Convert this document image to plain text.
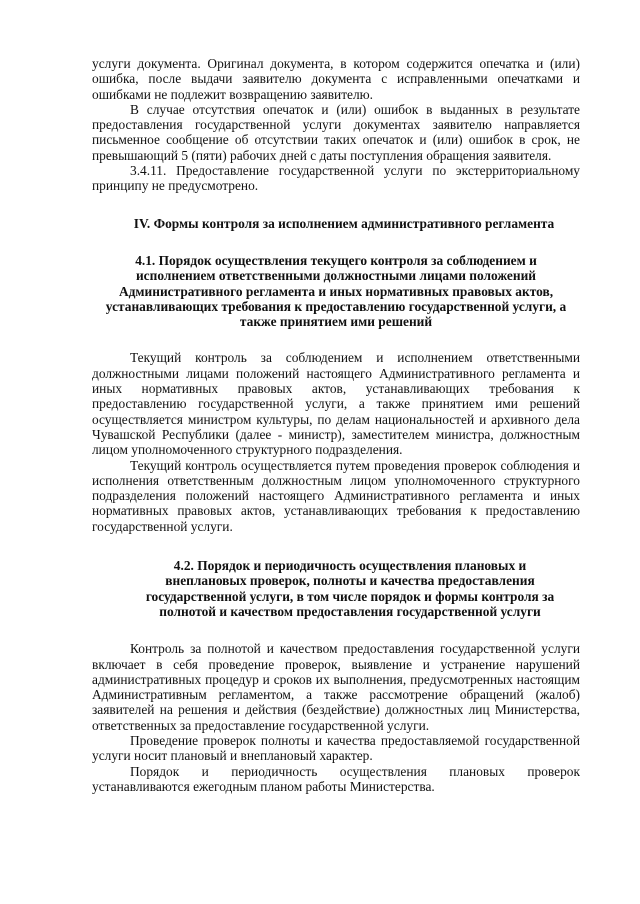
услуги документа. Оригинал документа, в котором содержится опечатка и (или) ошибка, после выдачи заявителю документа с исправленными опечатками и ошибками не подлежит возвращению заявителю.

В случае отсутствия опечаток и (или) ошибок в выданных в результате предоставления государственной услуги документах заявителю направляется письменное сообщение об отсутствии таких опечаток и (или) ошибок в срок, не превышающий 5 (пяти) рабочих дней с даты поступления обращения заявителя.

3.4.11. Предоставление государственной услуги по экстерриториальному принципу не предусмотрено.

IV. Формы контроля за исполнением административного регламента

4.1. Порядок осуществления текущего контроля за соблюдением и
исполнением ответственными должностными лицами положений
Административного регламента и иных нормативных правовых актов,
устанавливающих требования к предоставлению государственной услуги, а
также принятием ими решений

Текущий контроль за соблюдением и исполнением ответственными должностными лицами положений настоящего Административного регламента и иных нормативных правовых актов, устанавливающих требования к предоставлению государственной услуги, а также принятием ими решений осуществляется министром культуры, по делам национальностей и архивного дела Чувашской Республики (далее - министр), заместителем министра, должностным лицом уполномоченного структурного подразделения.

Текущий контроль осуществляется путем проведения проверок соблюдения и исполнения ответственным должностным лицом уполномоченного структурного подразделения положений настоящего Административного регламента и иных нормативных правовых актов, устанавливающих требования к предоставлению государственной услуги.

4.2. Порядок и периодичность осуществления плановых и
внеплановых проверок, полноты и качества предоставления
государственной услуги, в том числе порядок и формы контроля за
полнотой и качеством предоставления государственной услуги

Контроль за полнотой и качеством предоставления государственной услуги включает в себя проведение проверок, выявление и устранение нарушений административных процедур и сроков их выполнения, предусмотренных настоящим Административным регламентом, а также рассмотрение обращений (жалоб) заявителей на решения и действия (бездействие) должностных лиц Министерства, ответственных за предоставление государственной услуги.

Проведение проверок полноты и качества предоставляемой государственной услуги носит плановый и внеплановый характер.

Порядок и периодичность осуществления плановых проверок устанавливаются ежегодным планом работы Министерства.
